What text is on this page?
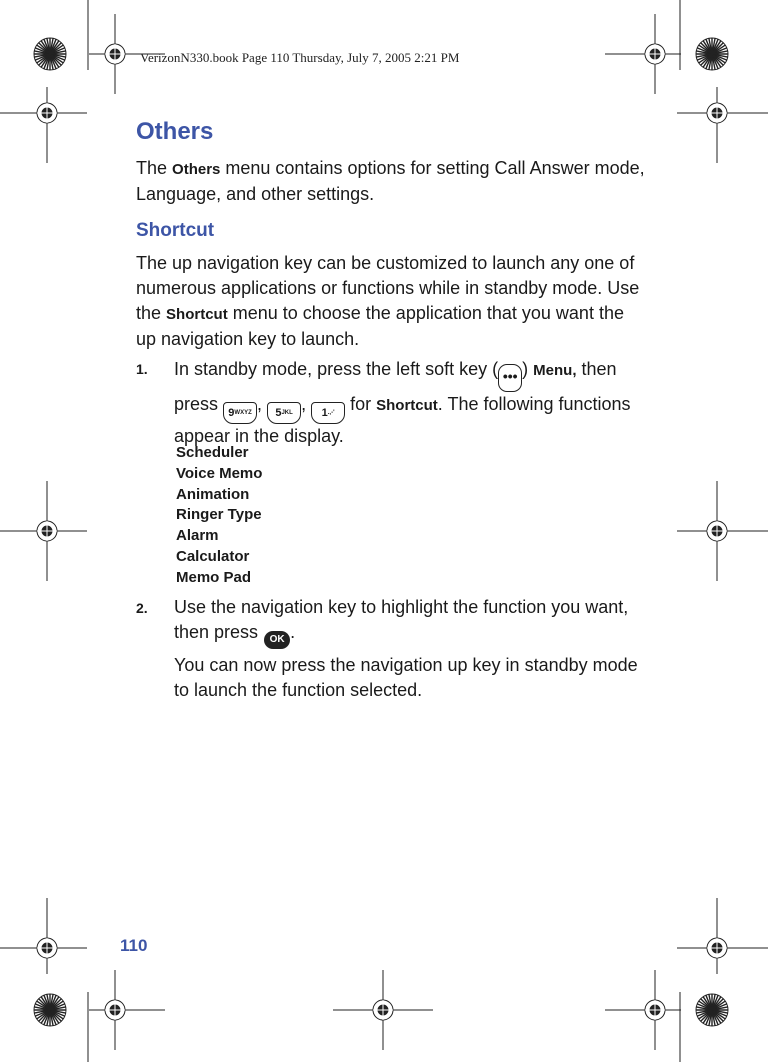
VerizonN330.book Page 110 Thursday, July 7, 2005 2:21 PM
Others
The Others menu contains options for setting Call Answer mode, Language, and other settings.
Shortcut
The up navigation key can be customized to launch any one of numerous applications or functions while in standby mode. Use the Shortcut menu to choose the application that you want the up navigation key to launch.
1. In standby mode, press the left soft key ( ••• ) Menu, then press $9^{WXYZ}$ , $5^{JKL}$ , 1.,-' for Shortcut. The following functions appear in the display.
Scheduler
Voice Memo
Animation
Ringer Type
Alarm
Calculator
Memo Pad
2. Use the navigation key to highlight the function you want, then press OK .
You can now press the navigation up key in standby mode to launch the function selected.
110
